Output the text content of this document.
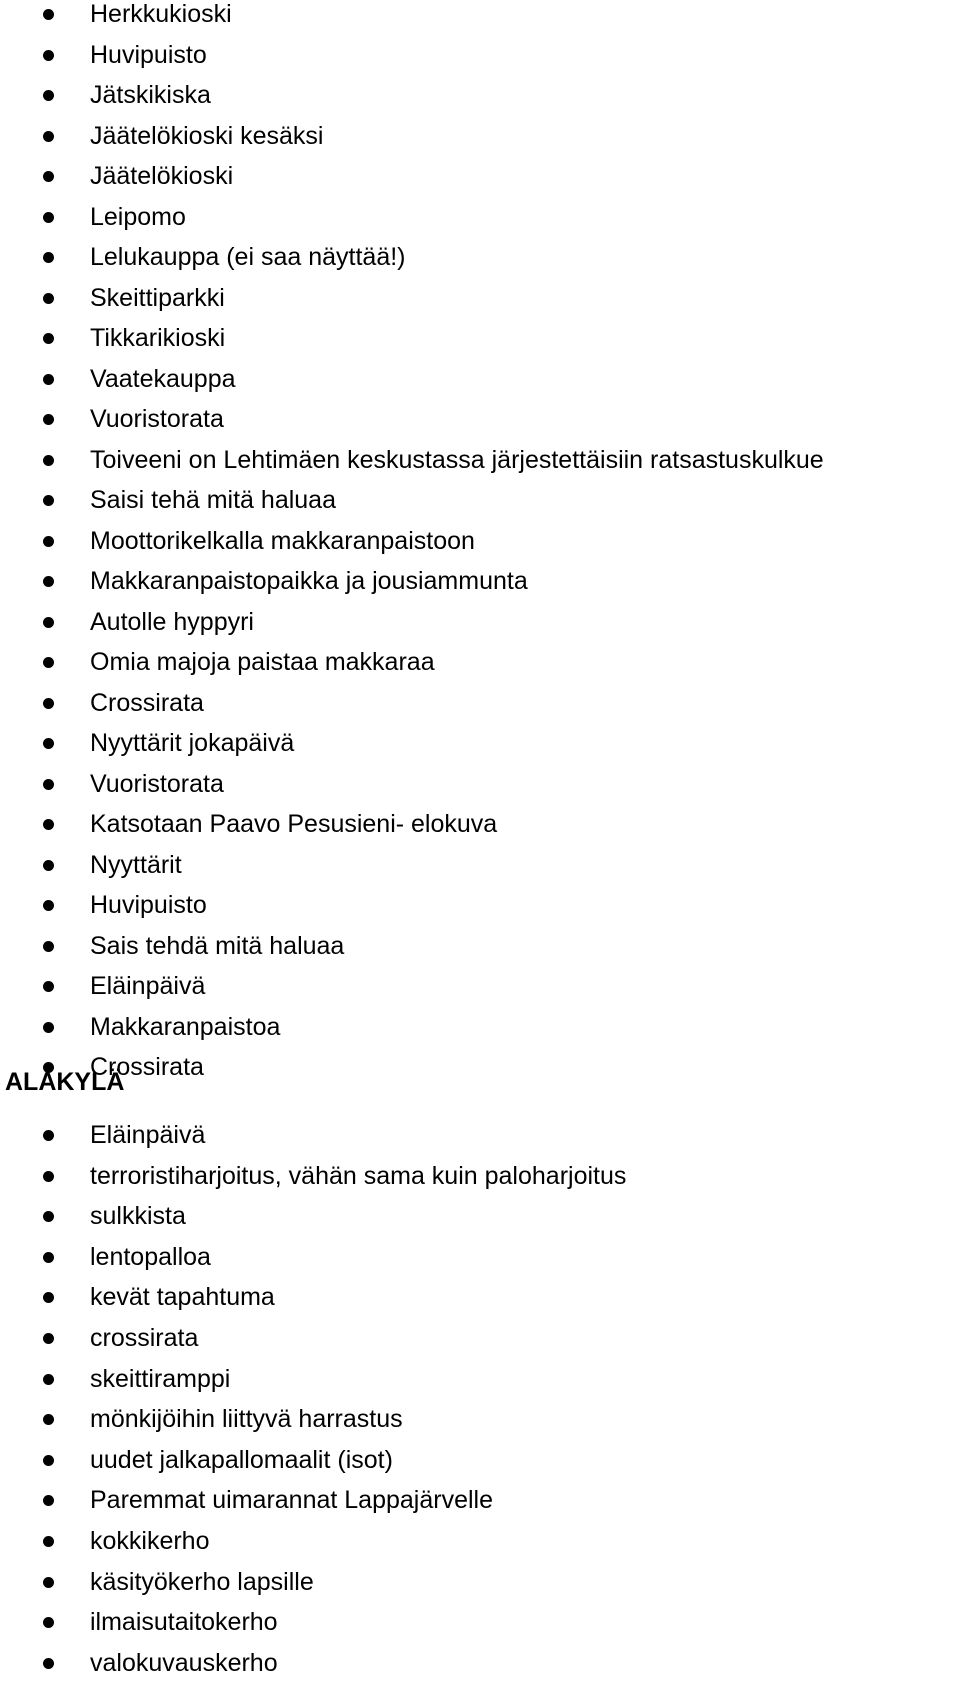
Herkkukioski
Huvipuisto
Jätskikiska
Jäätelökioski kesäksi
Jäätelökioski
Leipomo
Lelukauppa (ei saa näyttää!)
Skeittiparkki
Tikkarikioski
Vaatekauppa
Vuoristorata
Toiveeni on Lehtimäen keskustassa järjestettäisiin ratsastuskulkue
Saisi tehä mitä haluaa
Moottorikelkalla makkaranpaistoon
Makkaranpaistopaikka ja jousiammunta
Autolle hyppyri
Omia majoja paistaa makkaraa
Crossirata
Nyyttärit jokapäivä
Vuoristorata
Katsotaan Paavo Pesusieni- elokuva
Nyyttärit
Huvipuisto
Sais tehdä mitä haluaa
Eläinpäivä
Makkaranpaistoa
Crossirata
ALAKYLÄ
Eläinpäivä
terroristiharjoitus, vähän sama kuin paloharjoitus
sulkkista
lentopalloa
kevät tapahtuma
crossirata
skeittiramppi
mönkijöihin liittyvä harrastus
uudet jalkapallomaalit (isot)
Paremmat uimarannat Lappajärvelle
kokkikerho
käsityökerho lapsille
ilmaisutaitokerho
valokuvauskerho
